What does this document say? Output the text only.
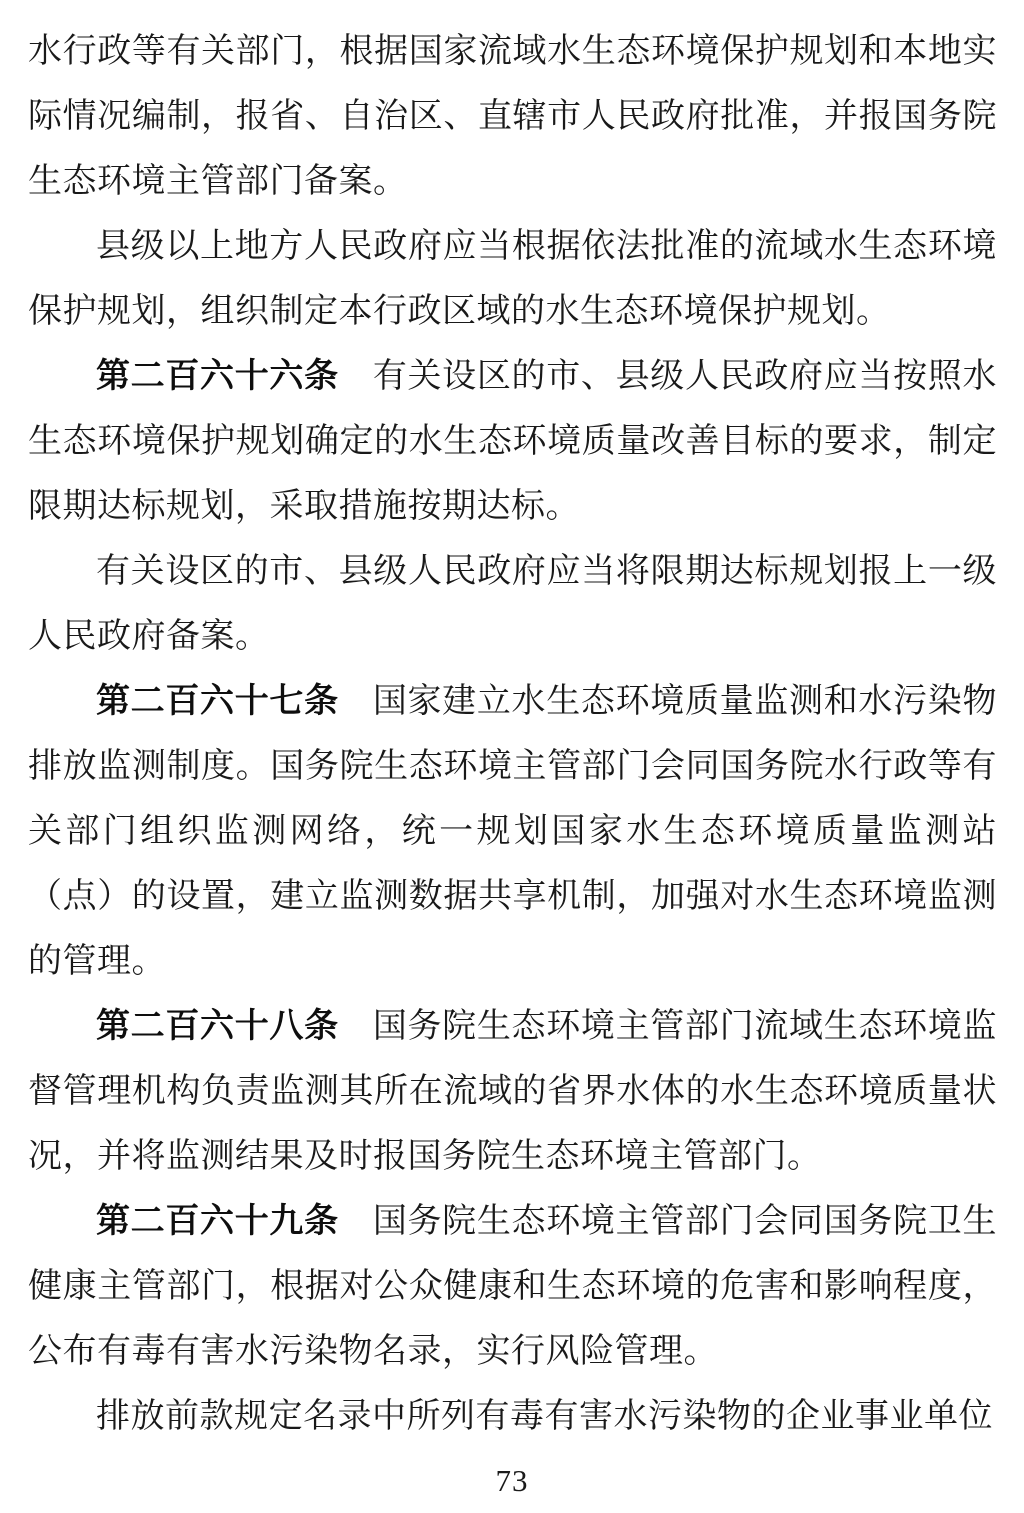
水行政等有关部门，根据国家流域水生态环境保护规划和本地实际情况编制，报省、自治区、直辖市人民政府批准，并报国务院生态环境主管部门备案。

县级以上地方人民政府应当根据依法批准的流域水生态环境保护规划，组织制定本行政区域的水生态环境保护规划。

第二百六十六条 有关设区的市、县级人民政府应当按照水生态环境保护规划确定的水生态环境质量改善目标的要求，制定限期达标规划，采取措施按期达标。

有关设区的市、县级人民政府应当将限期达标规划报上一级人民政府备案。

第二百六十七条 国家建立水生态环境质量监测和水污染物排放监测制度。国务院生态环境主管部门会同国务院水行政等有关部门组织监测网络，统一规划国家水生态环境质量监测站（点）的设置，建立监测数据共享机制，加强对水生态环境监测的管理。

第二百六十八条 国务院生态环境主管部门流域生态环境监督管理机构负责监测其所在流域的省界水体的水生态环境质量状况，并将监测结果及时报国务院生态环境主管部门。

第二百六十九条 国务院生态环境主管部门会同国务院卫生健康主管部门，根据对公众健康和生态环境的危害和影响程度，公布有毒有害水污染物名录，实行风险管理。

排放前款规定名录中所列有毒有害水污染物的企业事业单位

73
